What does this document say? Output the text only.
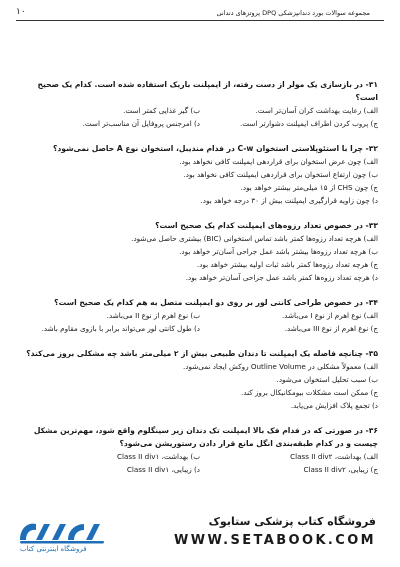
۱۰	مجموعه سوالات بورد دندانپزشکی DPQ پروتزهای دندانی
۳۱- در بازسازی یک مولر از دست رفته، از ایمپلنت باریک استفاده شده است. کدام یک صحیح است؟
الف) رعایت بهداشت کران آسان‌تر است.
ب) گیر غذایی کمتر است.
ج) پروب کردن اطراف ایمپلنت دشوارتر است.
د) امرجنس پروفایل آن مناسب‌تر است.
۳۲- چرا با استئوپلاستی استخوان C-w در فدام مندیبل، استخوان نوع A حاصل نمی‌شود؟
الف) چون عرض استخوان برای قراردهی ایمپلنت کافی نخواهد بود.
ب) چون ارتفاع استخوان برای قراردهی ایمپلنت کافی نخواهد بود.
ج) چون CHS از ۱۵ میلی‌متر بیشتر خواهد بود.
د) چون زاویه قرارگیری ایمپلنت بیش از ۳۰ درجه خواهد بود.
۳۳- در خصوص تعداد رزوه‌های ایمپلنت کدام یک صحیح است؟
الف) هرچه تعداد رزوه‌ها کمتر باشد تماس استخوانی (BIC) بیشتری حاصل می‌شود.
ب) هرچه تعداد رزوه‌ها بیشتر باشد عمل جراحی آسان‌تر خواهد بود.
ج) هرچه تعداد رزوه‌ها کمتر باشد ثبات اولیه بیشتر خواهد بود.
د) هرچه تعداد رزوه‌ها کمتر باشد عمل جراحی آسان‌تر خواهد بود.
۳۴- در خصوص طراحی کانتی لور بر روی دو ایمپلنت متصل به هم کدام یک صحیح است؟
الف) نوع اهرم از نوع I می‌باشد.
ب) نوع اهرم از نوع II می‌باشد.
ج) نوع اهرم از نوع III می‌باشد.
د) طول کانتی لور می‌تواند برابر با بازوی مقاوم باشد.
۳۵- چنانچه فاصله یک ایمپلنت تا دندان طبیعی بیش از ۲ میلی‌متر باشد چه مشکلی بروز می‌کند؟
الف) معمولاً مشکلی در Outline Volume روکش ایجاد نمی‌شود.
ب) سبب تحلیل استخوان می‌شود.
ج) ممکن است مشکلات بیومکانیکال بروز کند.
د) تجمع پلاک افزایش می‌یابد.
۳۶- در صورتی که در فدام فک بالا ایمپلنت تک دندان زیر سینگلوم واقع شود، مهم‌ترین مشکل چیست و در کدام طبقه‌بندی انگل مانع قرار دادن رستوریشن می‌شود؟
الف) بهداشت، Class II div۲
ب) بهداشت، Class II div۱
ج) زیبایی، Class II div۲
د) زیبایی، Class II div۱
فروشگاه اینترنتی کتاب
فروشگاه کتاب پزشکی ستابوک
WWW.SETABOOK.COM
